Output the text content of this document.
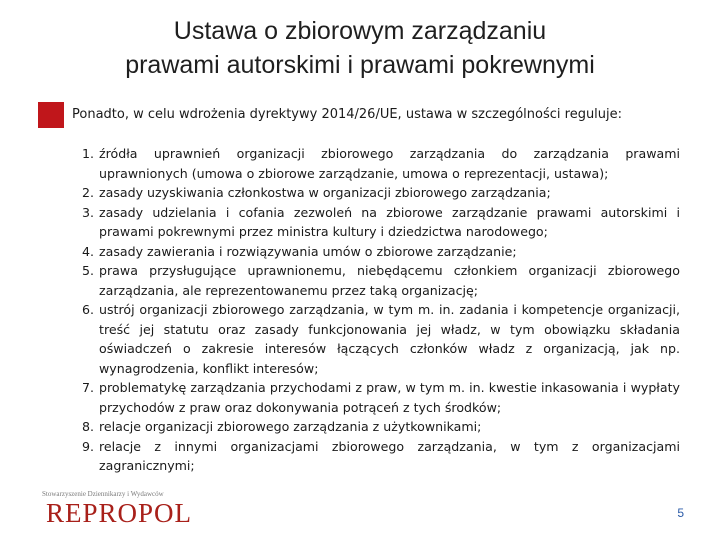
Ustawa o zbiorowym zarządzaniu
prawami autorskimi i prawami pokrewnymi
Ponadto, w celu wdrożenia dyrektywy 2014/26/UE, ustawa w szczególności reguluje:
1. źródła uprawnień organizacji zbiorowego zarządzania do zarządzania prawami uprawnionych (umowa o zbiorowe zarządzanie, umowa o reprezentacji, ustawa);
2. zasady uzyskiwania członkostwa w organizacji zbiorowego zarządzania;
3. zasady udzielania i cofania zezwoleń na zbiorowe zarządzanie prawami autorskimi i prawami pokrewnymi przez ministra kultury i dziedzictwa narodowego;
4. zasady zawierania i rozwiązywania umów o zbiorowe zarządzanie;
5. prawa przysługujące uprawnionemu, niebędącemu członkiem organizacji zbiorowego zarządzania, ale reprezentowanemu przez taką organizację;
6. ustrój organizacji zbiorowego zarządzania, w tym m. in. zadania i kompetencje organizacji, treść jej statutu oraz zasady funkcjonowania jej władz, w tym obowiązku składania oświadczeń o zakresie interesów łączących członków władz z organizacją, jak np. wynagrodzenia, konflikt interesów;
7. problematykę zarządzania przychodami z praw, w tym m. in. kwestie inkasowania i wypłaty przychodów z praw oraz dokonywania potrąceń z tych środków;
8. relacje organizacji zbiorowego zarządzania z użytkownikami;
9. relacje z innymi organizacjami zbiorowego zarządzania, w tym z organizacjami zagranicznymi;
Stowarzyszenie Dziennikarzy i Wydawców
REPROPOL	5
